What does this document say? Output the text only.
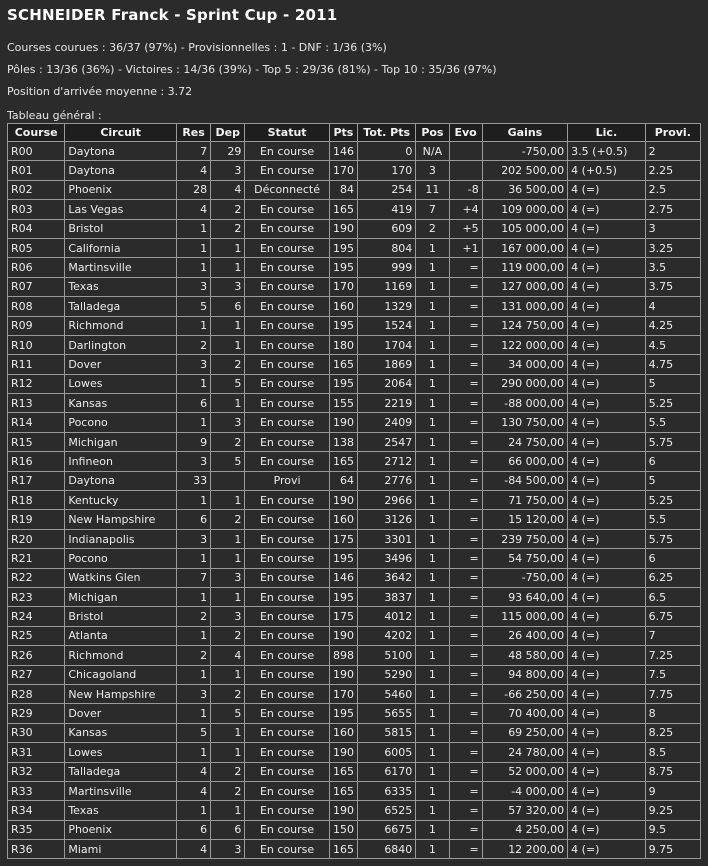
SCHNEIDER Franck - Sprint Cup - 2011

Courses courues : 36/37 (97%) - Provisionnelles : 1 - DNF : 1/36 (3%)

Pôles : 13/36 (36%) - Victoires : 14/36 (39%) - Top 5 : 29/36 (81%) - Top 10 : 35/36 (97%)

Position d'arrivée moyenne : 3.72

Tableau général :

Course	Circuit	Res	Dep	Statut	Pts	Tot. Pts	Pos	Evo	Gains	Lic.	Provi.
R00	Daytona	7	29	En course	146	0	N/A		-750,00	3.5 (+0.5)	2
R01	Daytona	4	3	En course	170	170	3		202 500,00	4 (+0.5)	2.25
R02	Phoenix	28	4	Déconnecté	84	254	11	-8	36 500,00	4 (=)	2.5
R03	Las Vegas	4	2	En course	165	419	7	+4	109 000,00	4 (=)	2.75
R04	Bristol	1	2	En course	190	609	2	+5	105 000,00	4 (=)	3
R05	California	1	1	En course	195	804	1	+1	167 000,00	4 (=)	3.25
R06	Martinsville	1	1	En course	195	999	1	=	119 000,00	4 (=)	3.5
R07	Texas	3	3	En course	170	1169	1	=	127 000,00	4 (=)	3.75
R08	Talladega	5	6	En course	160	1329	1	=	131 000,00	4 (=)	4
R09	Richmond	1	1	En course	195	1524	1	=	124 750,00	4 (=)	4.25
R10	Darlington	2	1	En course	180	1704	1	=	122 000,00	4 (=)	4.5
R11	Dover	3	2	En course	165	1869	1	=	34 000,00	4 (=)	4.75
R12	Lowes	1	5	En course	195	2064	1	=	290 000,00	4 (=)	5
R13	Kansas	6	1	En course	155	2219	1	=	-88 000,00	4 (=)	5.25
R14	Pocono	1	3	En course	190	2409	1	=	130 750,00	4 (=)	5.5
R15	Michigan	9	2	En course	138	2547	1	=	24 750,00	4 (=)	5.75
R16	Infineon	3	5	En course	165	2712	1	=	66 000,00	4 (=)	6
R17	Daytona	33		Provi	64	2776	1	=	-84 500,00	4 (=)	5
R18	Kentucky	1	1	En course	190	2966	1	=	71 750,00	4 (=)	5.25
R19	New Hampshire	6	2	En course	160	3126	1	=	15 120,00	4 (=)	5.5
R20	Indianapolis	3	1	En course	175	3301	1	=	239 750,00	4 (=)	5.75
R21	Pocono	1	1	En course	195	3496	1	=	54 750,00	4 (=)	6
R22	Watkins Glen	7	3	En course	146	3642	1	=	-750,00	4 (=)	6.25
R23	Michigan	1	1	En course	195	3837	1	=	93 640,00	4 (=)	6.5
R24	Bristol	2	3	En course	175	4012	1	=	115 000,00	4 (=)	6.75
R25	Atlanta	1	2	En course	190	4202	1	=	26 400,00	4 (=)	7
R26	Richmond	2	4	En course	898	5100	1	=	48 580,00	4 (=)	7.25
R27	Chicagoland	1	1	En course	190	5290	1	=	94 800,00	4 (=)	7.5
R28	New Hampshire	3	2	En course	170	5460	1	=	-66 250,00	4 (=)	7.75
R29	Dover	1	5	En course	195	5655	1	=	70 400,00	4 (=)	8
R30	Kansas	5	1	En course	160	5815	1	=	69 250,00	4 (=)	8.25
R31	Lowes	1	1	En course	190	6005	1	=	24 780,00	4 (=)	8.5
R32	Talladega	4	2	En course	165	6170	1	=	52 000,00	4 (=)	8.75
R33	Martinsville	4	2	En course	165	6335	1	=	-4 000,00	4 (=)	9
R34	Texas	1	1	En course	190	6525	1	=	57 320,00	4 (=)	9.25
R35	Phoenix	6	6	En course	150	6675	1	=	4 250,00	4 (=)	9.5
R36	Miami	4	3	En course	165	6840	1	=	12 200,00	4 (=)	9.75
